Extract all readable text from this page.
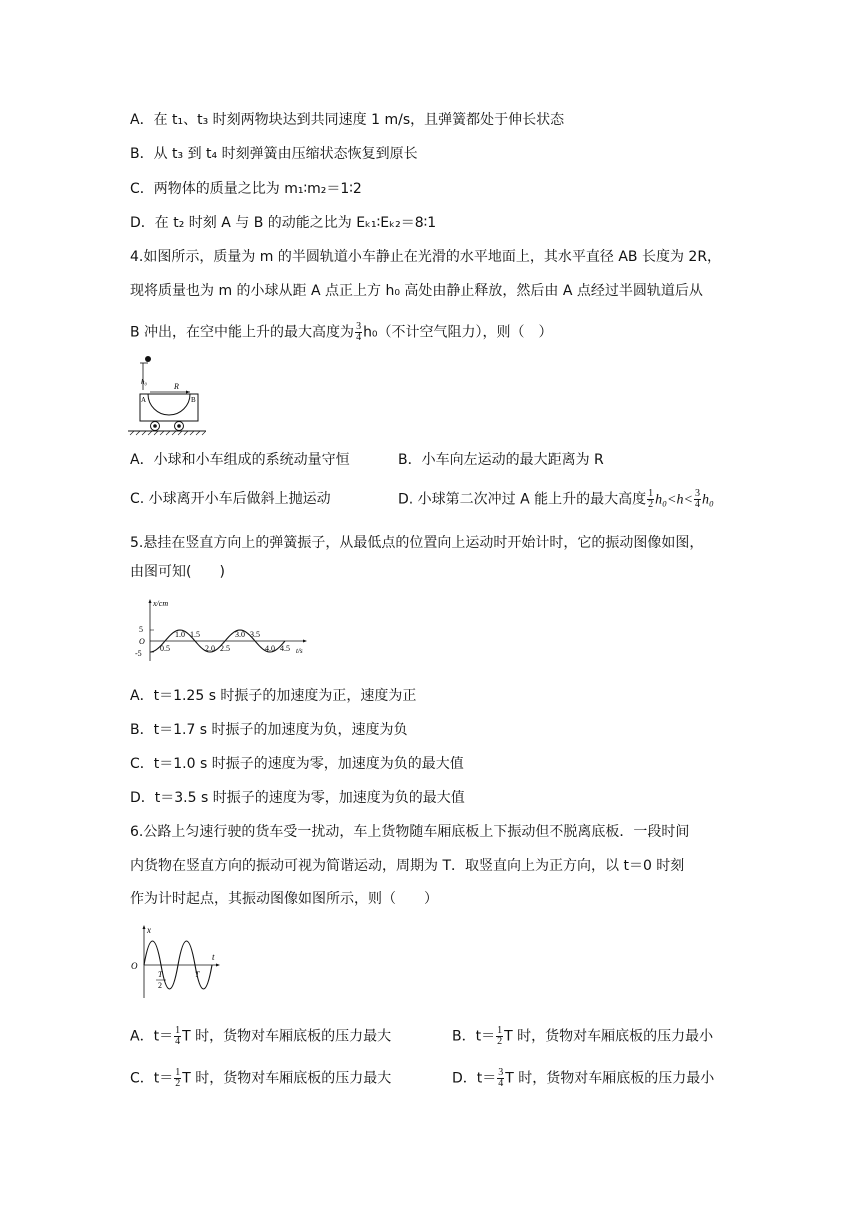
A．在 t₁、t₃ 时刻两物块达到共同速度 1 m/s，且弹簧都处于伸长状态
B．从 t₃ 到 t₄ 时刻弹簧由压缩状态恢复到原长
C．两物体的质量之比为 m₁∶m₂＝1∶2
D．在 t₂ 时刻 A 与 B 的动能之比为 Eₖ₁∶Eₖ₂＝8∶1
4.如图所示，质量为 m 的半圆轨道小车静止在光滑的水平地面上，其水平直径 AB 长度为 2R，
现将质量也为 m 的小球从距 A 点正上方 h₀ 高处由静止释放，然后由 A 点经过半圆轨道后从
B 冲出，在空中能上升的最大高度为 $\frac{3}{4} h_0$（不计空气阻力），则（　）
h₀	R
A	B
A．小球和小车组成的系统动量守恒	B．小车向左运动的最大距离为 R
C. 小球离开小车后做斜上抛运动	D. 小球第二次冲过 A 能上升的最大高度 $\frac{1}{2} h_0<h< \frac{3}{4} h_0$
5.悬挂在竖直方向上的弹簧振子，从最低点的位置向上运动时开始计时，它的振动图像如图，
由图可知(　　)
x/cm
t/s
5
O
-5
1.0 1.5	3.0 3.5
0.5	2.0 2.5	4.0 4.5
A．t＝1.25 s 时振子的加速度为正，速度为正
B．t＝1.7 s 时振子的加速度为负，速度为负
C．t＝1.0 s 时振子的速度为零，加速度为负的最大值
D．t＝3.5 s 时振子的速度为零，加速度为负的最大值
6.公路上匀速行驶的货车受一扰动，车上货物随车厢底板上下振动但不脱离底板．一段时间
内货物在竖直方向的振动可视为简谐运动，周期为 T．取竖直向上为正方向，以 t＝0 时刻
作为计时起点，其振动图像如图所示，则（　　）
x
t
O
T
2
T
A．$t= \frac{1}{4}$ T 时，货物对车厢底板的压力最大	B．$t= \frac{1}{2}$ T 时，货物对车厢底板的压力最小
C．$t= \frac{1}{2}$ T 时，货物对车厢底板的压力最大	D．$t= \frac{3}{4}$ T 时，货物对车厢底板的压力最小
